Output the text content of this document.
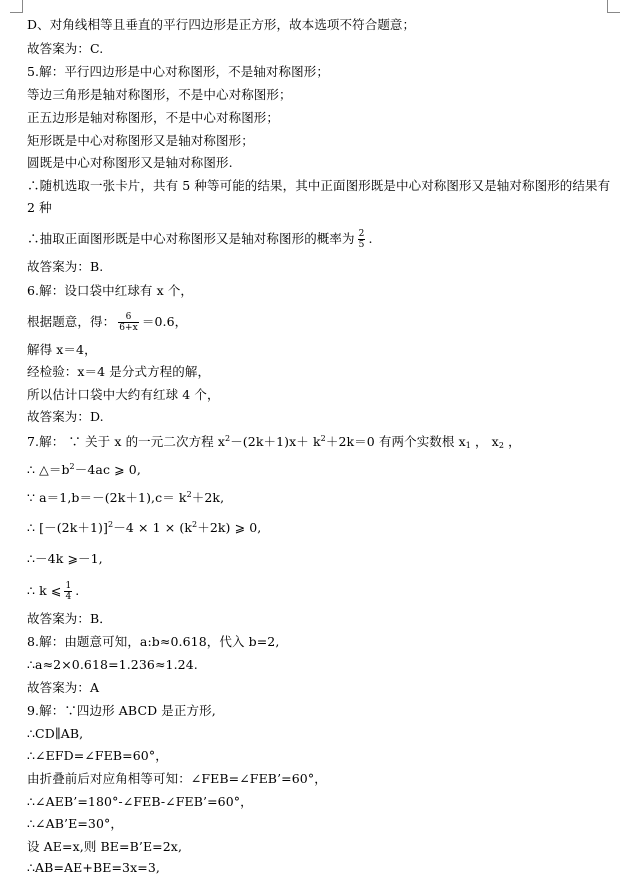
D、对角线相等且垂直的平行四边形是正方形，故本选项不符合题意；
故答案为：C.
5.解：平行四边形是中心对称图形，不是轴对称图形；
等边三角形是轴对称图形，不是中心对称图形；
正五边形是轴对称图形，不是中心对称图形；
矩形既是中心对称图形又是轴对称图形；
圆既是中心对称图形又是轴对称图形.
∴随机选取一张卡片，共有 5 种等可能的结果，其中正面图形既是中心对称图形又是轴对称图形的结果有
2 种
∴抽取正面图形既是中心对称图形又是轴对称图形的概率为 $\frac{2}{5}$ .
故答案为：B.
6.解：设口袋中红球有 x 个，
根据题意，得： $\frac{6}{6+x} =0.6$，
解得 x＝4，
经检验：x＝4 是分式方程的解，
所以估计口袋中大约有红球 4 个，
故答案为：D.
7.解： ∵ 关于 x 的一元二次方程 $x^2-(2k+1)x+ k^2+2k=0$ 有两个实数根 $x_1$ ， $x_2$ ，
∴ $\triangle=b^2-4ac$ ⩾ 0,
∵ $a=1,b=-(2k+1),c= k^2+2k$,
∴ $[-(2k+1)]^2-4 \times 1 \times (k^2+2k)$ ⩾ 0,
∴－4k ⩾－1,
∴ k ⩽ $\frac{1}{4}$ .
故答案为：B．
8.解：由题意可知，a:b≈0.618，代入 b=2,
∴a≈2×0.618=1.236≈1.24.
故答案为：A
9.解：∵四边形 ABCD 是正方形,
∴CD∥AB,
∴∠EFD=∠FEB=60°，
由折叠前后对应角相等可知：∠FEB=∠FEB’=60°，
∴∠AEB’=180°-∠FEB-∠FEB’=60°，
∴∠AB’E=30°，
设 AE=x,则 BE=B’E=2x,
∴AB=AE+BE=3x=3,
